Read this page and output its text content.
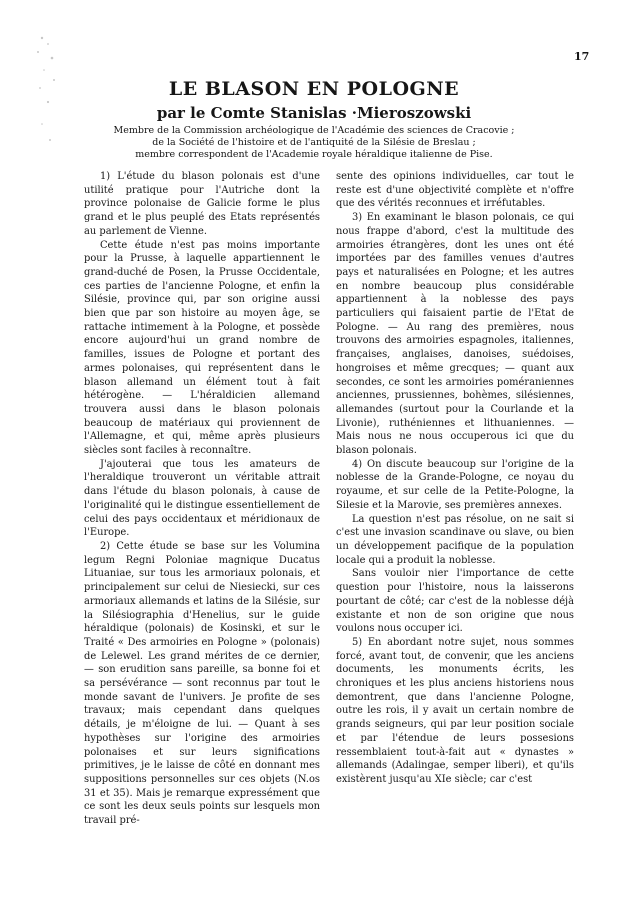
17
LE BLASON EN POLOGNE
par le Comte Stanislas ·Mieroszowski

Membre de la Commission archéologique de l'Académie des sciences de Cracovie ;

de la Société de l'histoire et de l'antiquité de la Silésie de Breslau ;

membre correspondent de l'Academie royale héraldique italienne de Pise.

1) L'étude du blason polonais est d'une utilité pratique pour l'Autriche dont la province polonaise de Galicie forme le plus grand et le plus peuplé des Etats représentés au parlement de Vienne.

Cette étude n'est pas moins importante pour la Prusse, à laquelle appartiennent le grand-duché de Posen, la Prusse Occidentale, ces parties de l'ancienne Pologne, et enfin la Silésie, province qui, par son origine aussi bien que par son histoire au moyen âge, se rattache intimement à la Pologne, et possède encore aujourd'hui un grand nombre de familles, issues de Pologne et portant des armes polonaises, qui représentent dans le blason allemand un élément tout à fait hétérogène. — L'héraldicien allemand trouvera aussi dans le blason polonais beaucoup de matériaux qui proviennent de l'Allemagne, et qui, même après plusieurs siècles sont faciles à reconnaître.

J'ajouterai que tous les amateurs de l'heraldique trouveront un véritable attrait dans l'étude du blason polonais, à cause de l'originalité qui le distingue essentiellement de celui des pays occidentaux et méridionaux de l'Europe.

2) Cette étude se base sur les Voluminа legum Regni Poloniae magnique Ducatus Lituaniae, sur tous les armoriaux polonais, et principalement sur celui de Niesiecki, sur ces armoriaux allemands et latins de la Silésie, sur la Silésiographia d'Henelius, sur le guide héraldique (polonais) de Kosinski, et sur le Traité « Des armoiries en Pologne » (polonais) de Lelewel. Les grand mérites de ce dernier, — son erudition sans pareille, sa bonne foi et sa persévérance — sont reconnus par tout le monde savant de l'univers. Je profite de ses travaux; mais cependant dans quelques détails, je m'éloigne de lui. — Quant à ses hypothèses sur l'origine des armoiries polonaises et sur leurs significations primitives, je le laisse de côté en donnant mes suppositions personnelles sur ces objets (N.os 31 et 35). Mais je remarque expressément que ce sont les deux seuls points sur lesquels mon travail pré-

sente des opinions individuelles, car tout le reste est d'une objectivité complète et n'offre que des vérités reconnues et irréfutables.

3) En examinant le blason polonais, ce qui nous frappe d'abord, c'est la multitude des armoiries étrangères, dont les unes ont été importées par des familles venues d'autres pays et naturalisées en Pologne; et les autres en nombre beaucoup plus considérable appartiennent à la noblesse des pays particuliers qui faisaient partie de l'Etat de Pologne. — Au rang des premières, nous trouvons des armoiries espagnoles, italiennes, françaises, anglaises, danoises, suédoises, hongroises et même grecques; — quant aux secondes, ce sont les armoiries poméraniennes anciennes, prussiennes, bohèmes, silésiennes, allemandes (surtout pour la Courlande et la Livonie), ruthéniennes et lithuaniennes. — Mais nous ne nous occuperous ici que du blason polonais.

4) On discute beaucoup sur l'origine de la noblesse de la Grande-Pologne, ce noyau du royaume, et sur celle de la Petite-Pologne, la Silesie et la Marovie, ses premières annexes.

La question n'est pas résolue, on ne sait si c'est une invasion scandinave ou slave, ou bien un développement pacifique de la population locale qui a produit la noblesse.

Sans vouloir nier l'importance de cette question pour l'histoire, nous la laisserons pourtant de côté; car c'est de la noblesse déjà existante et non de son origine que nous voulons nous occuper ici.

5) En abordant notre sujet, nous sommes forcé, avant tout, de convenir, que les anciens documents, les monuments écrits, les chroniques et les plus anciens historiens nous demontrent, que dans l'ancienne Pologne, outre les rois, il y avait un certain nombre de grands seigneurs, qui par leur position sociale et par l'étendue de leurs possesions ressemblaient tout-à-fait aut « dynastes » allemands (Adalingae, semper liberi), et qu'ils existèrent jusqu'au XIe siècle; car c'est
